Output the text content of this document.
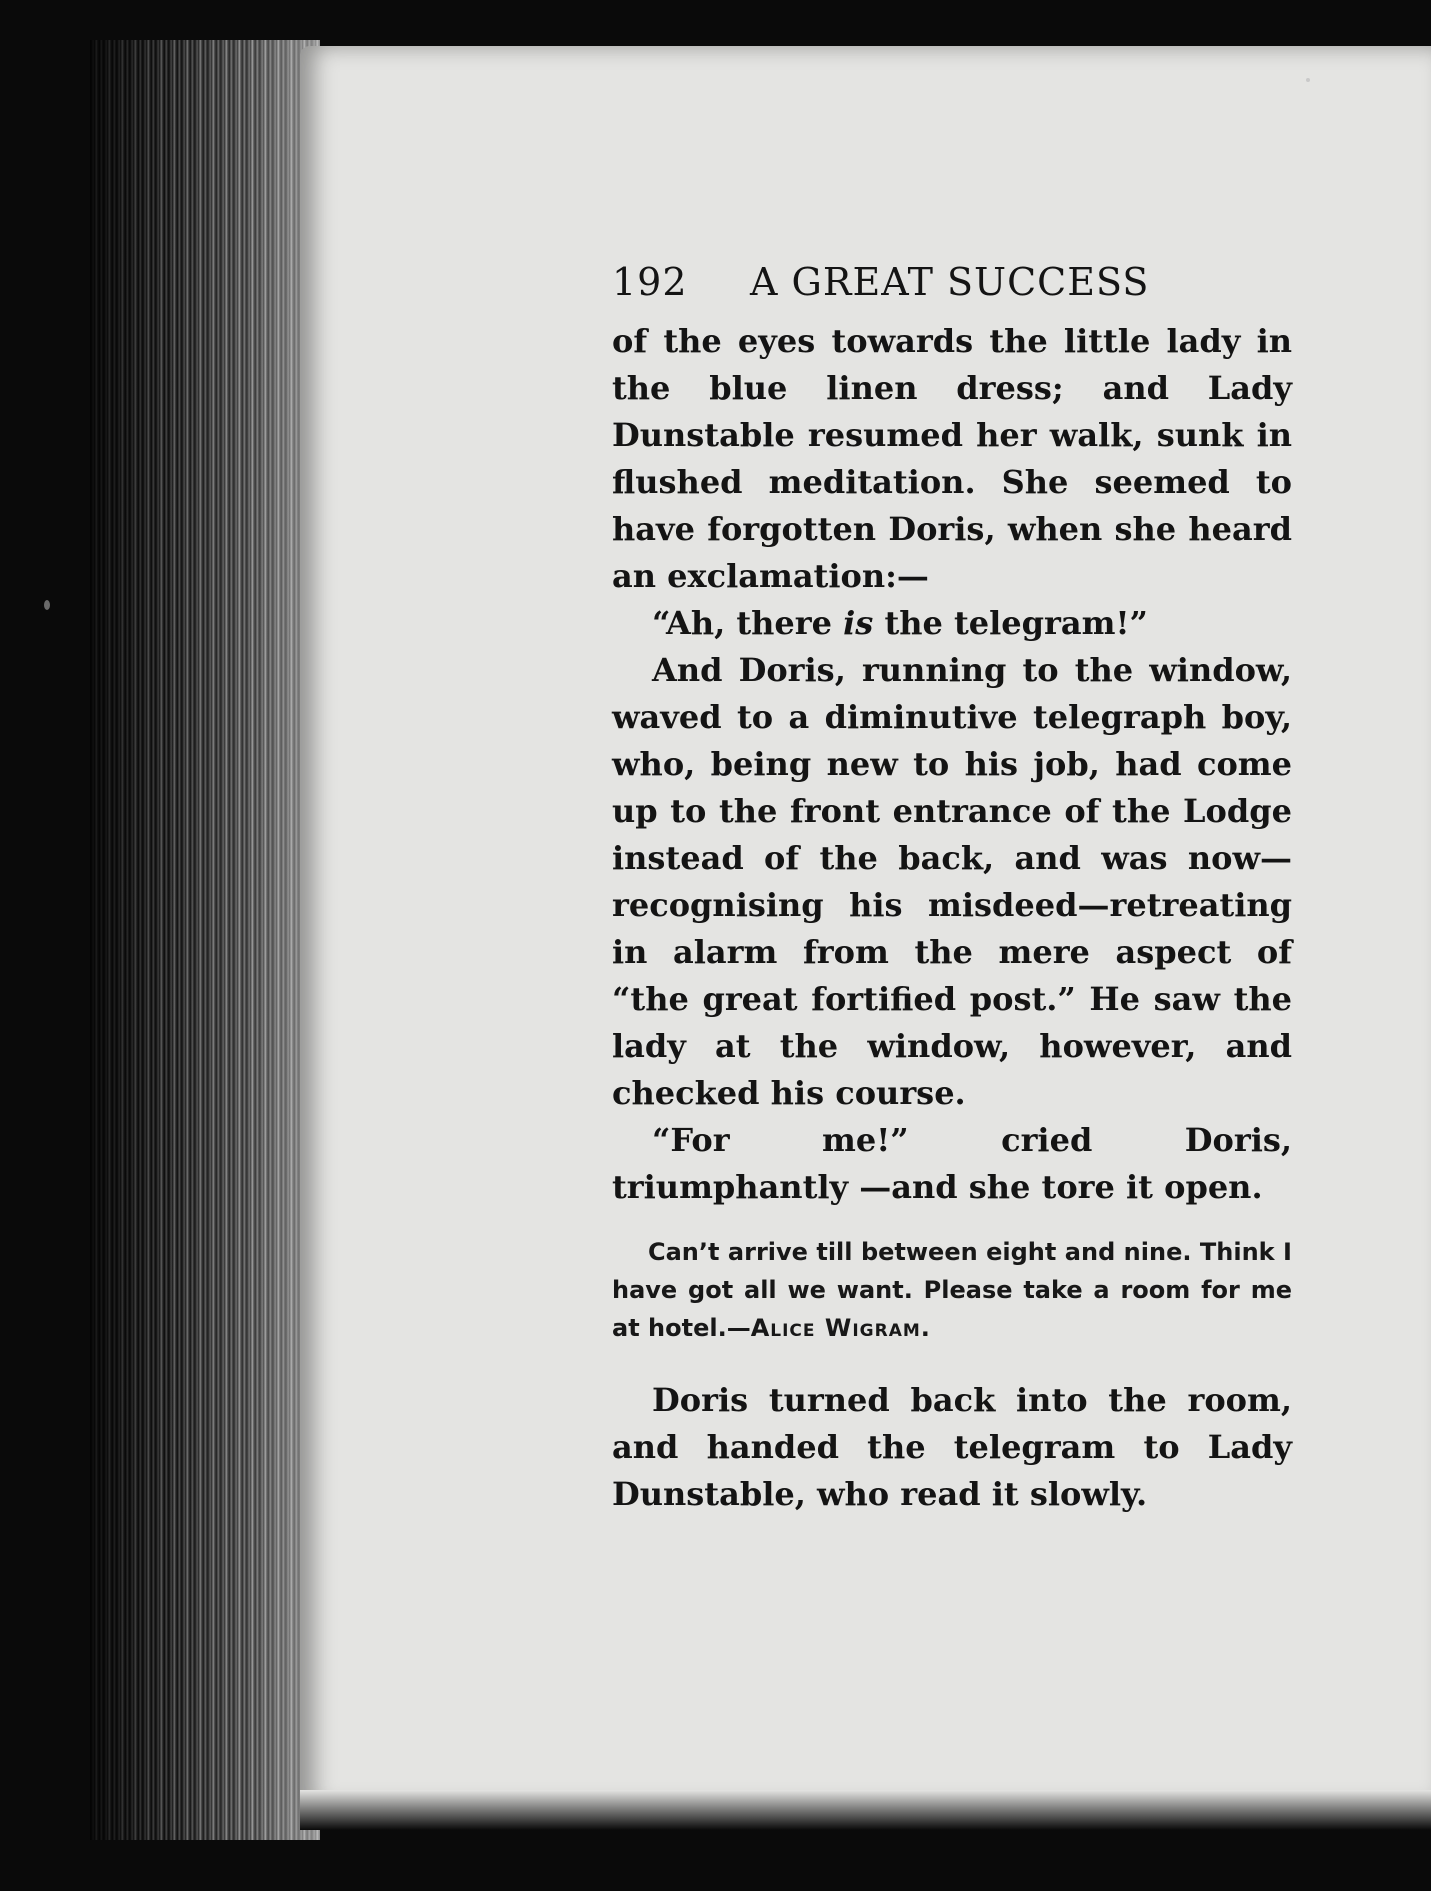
192	A GREAT SUCCESS

of the eyes towards the little lady in the blue linen dress; and Lady Dunstable resumed her walk, sunk in flushed meditation. She seemed to have forgotten Doris, when she heard an exclamation:—

“Ah, there is the telegram!”

And Doris, running to the window, waved to a diminutive telegraph boy, who, being new to his job, had come up to the front entrance of the Lodge instead of the back, and was now—recognising his misdeed—retreating in alarm from the mere aspect of “the great fortified post.” He saw the lady at the window, however, and checked his course.

“For me!” cried Doris, triumphantly —and she tore it open.

Can’t arrive till between eight and nine. Think I have got all we want. Please take a room for me at hotel.—Alice Wigram.

Doris turned back into the room, and handed the telegram to Lady Dunstable, who read it slowly.
